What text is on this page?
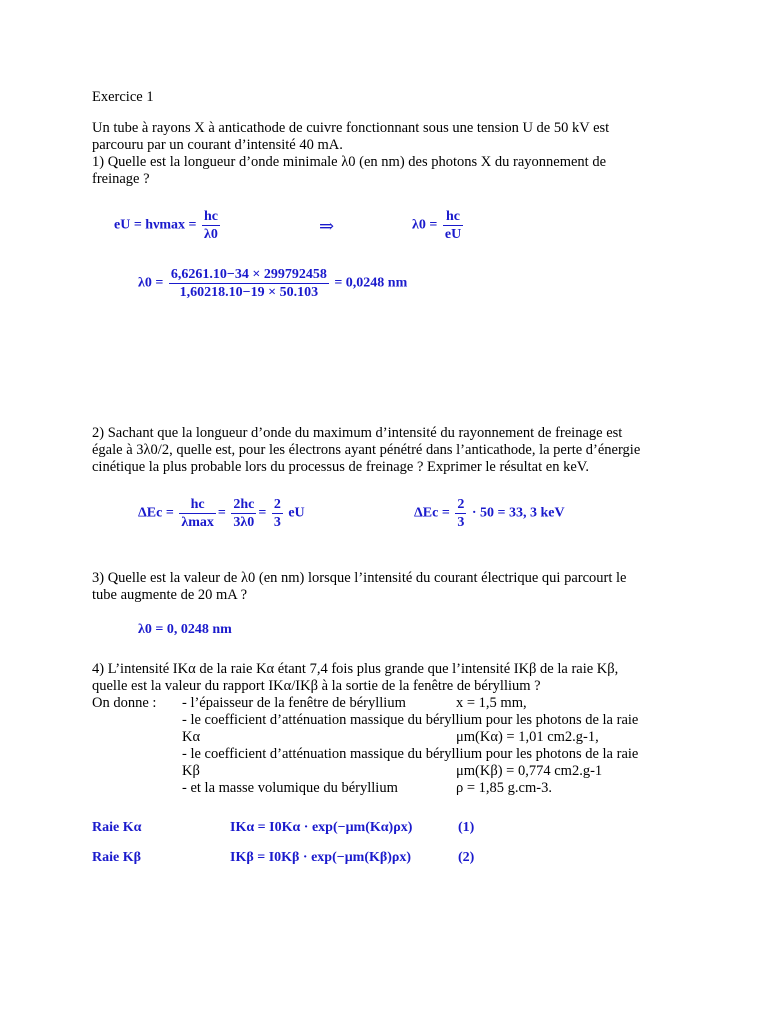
Exercice 1
Un tube à rayons X à anticathode de cuivre fonctionnant sous une tension U de 50 kV est
parcouru par un courant d’intensité 40 mA.
1) Quelle est la longueur d’onde minimale λ0 (en nm) des photons X du rayonnement de
freinage ?
eU = $h\nu\max = \frac{hc}{\lambda 0}$	⇒	$\lambda 0 = \frac{hc}{eU}$
$\lambda 0 = \frac{6,6261.10-34 \times 299792458}{1,60218.10-19 \times 50.103} = 0,0248$ nm
2) Sachant que la longueur d’onde du maximum d’intensité du rayonnement de freinage est
égale à 3λ0/2, quelle est, pour les électrons ayant pénétré dans l’anticathode, la perte d’énergie
cinétique la plus probable lors du processus de freinage ? Exprimer le résultat en keV.
$\Delta Ec = \frac{hc}{\lambda\max} = \frac{2hc}{3\lambda 0} = \frac{2}{3}$ eU	$\Delta Ec = \frac{2}{3} \cdot 50 = 33$, 3 keV
3) Quelle est la valeur de λ0 (en nm) lorsque l’intensité du courant électrique qui parcourt le
tube augmente de 20 mA ?
λ0 = 0, 0248 nm
4) L’intensité IKα de la raie Kα étant 7,4 fois plus grande que l’intensité IKβ de la raie Kβ,
quelle est la valeur du rapport IKα/IKβ à la sortie de la fenêtre de béryllium ?
On donne : - l’épaisseur de la fenêtre de béryllium	x = 1,5 mm,
- le coefficient d’atténuation massique du béryllium pour les photons de la raie
Kα	μm(Kα) = 1,01 cm2.g-1,
- le coefficient d’atténuation massique du béryllium pour les photons de la raie
Kβ	μm(Kβ) = 0,774 cm2.g-1
- et la masse volumique du béryllium	ρ = 1,85 g.cm-3.
Raie Kα	IKα = I0Kα · exp(−μm(Kα)ρx)	(1)
Raie Kβ	IKβ = I0Kβ · exp(−μm(Kβ)ρx)	(2)
